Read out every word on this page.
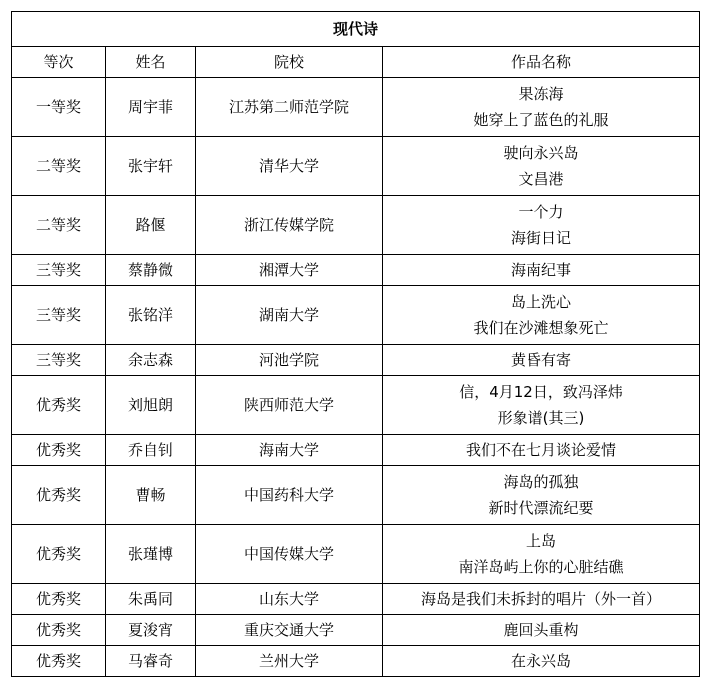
现代诗			
等次	姓名	院校	作品名称
一等奖	周宇菲	江苏第二师范学院	果冻海
她穿上了蓝色的礼服

二等奖	张宇轩	清华大学	驶向永兴岛
文昌港

二等奖	路偃	浙江传媒学院	一个力
海街日记

三等奖	蔡静微	湘潭大学	海南纪事

三等奖	张铭洋	湖南大学	岛上洗心
我们在沙滩想象死亡

三等奖	余志森	河池学院	黄昏有寄

优秀奖	刘旭朗	陕西师范大学	信，4月12日，致冯泽炜
形象谱(其三)

优秀奖	乔自钊	海南大学	我们不在七月谈论爱情

优秀奖	曹畅	中国药科大学	海岛的孤独
新时代漂流纪要

优秀奖	张瑾博	中国传媒大学	上岛
南洋岛屿上你的心脏结礁

优秀奖	朱禹同	山东大学	海岛是我们未拆封的唱片（外一首）

优秀奖	夏浚宵	重庆交通大学	鹿回头重构

优秀奖	马睿奇	兰州大学	在永兴岛
